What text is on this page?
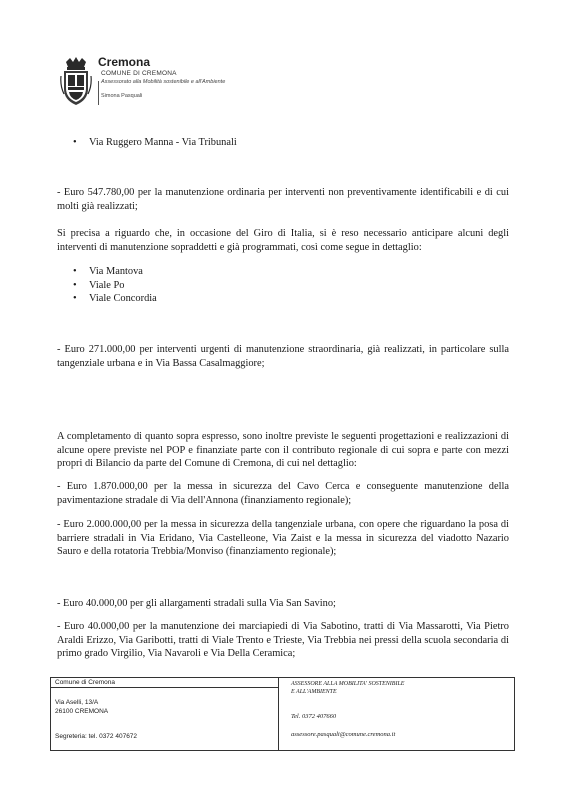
Cremona
COMUNE DI CREMONA
Assessorato alla Mobilità sostenibile e all'Ambiente
Simona Pasquali
•	Via Ruggero Manna - Via Tribunali

- Euro 547.780,00 per la manutenzione ordinaria per interventi non preventivamente identificabili e di cui molti già realizzati;

Si precisa a riguardo che, in occasione del Giro di Italia, si è reso necessario anticipare alcuni degli interventi di manutenzione sopraddetti e già programmati, così come segue in dettaglio:

•	Via Mantova
•	Viale Po
•	Viale Concordia

- Euro 271.000,00 per interventi urgenti di manutenzione straordinaria, già realizzati, in particolare sulla tangenziale urbana e in Via Bassa Casalmaggiore;

A completamento di quanto sopra espresso, sono inoltre previste le seguenti progettazioni e realizzazioni di alcune opere previste nel POP e finanziate parte con il contributo regionale di cui sopra e parte con mezzi propri di Bilancio da parte del Comune di Cremona, di cui nel dettaglio:

- Euro 1.870.000,00 per la messa in sicurezza del Cavo Cerca e conseguente manutenzione della pavimentazione stradale di Via dell'Annona (finanziamento regionale);

- Euro 2.000.000,00 per la messa in sicurezza della tangenziale urbana, con opere che riguardano la posa di barriere stradali in Via Eridano, Via Castelleone, Via Zaist e la messa in sicurezza del viadotto Nazario Sauro e della rotatoria Trebbia/Monviso (finanziamento regionale);

- Euro 40.000,00 per gli allargamenti stradali sulla Via San Savino;

- Euro 40.000,00 per la manutenzione dei marciapiedi di Via Sabotino, tratti di Via Massarotti, Via Pietro Araldi Erizzo, Via Garibotti, tratti di Viale Trento e Trieste, Via Trebbia nei pressi della scuola secondaria di primo grado Virgilio, Via Navaroli e Via Della Ceramica;

Comune di Cremona
Via Aselli, 13/A
26100 CREMONA
Segreteria: tel. 0372 407672
ASSESSORE ALLA MOBILITA' SOSTENIBILE
E ALL'AMBIENTE
Tel. 0372 407660
assessore.pasquali@comune.cremona.it
